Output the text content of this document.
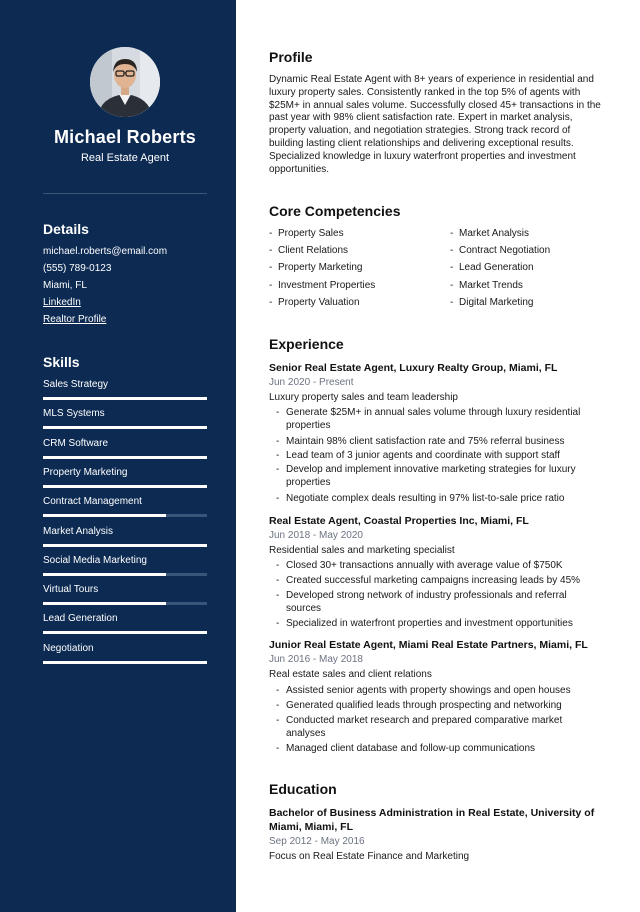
Michael Roberts
Real Estate Agent
Details
michael.roberts@email.com
(555) 789-0123
Miami, FL
LinkedIn
Realtor Profile
Skills
Sales Strategy
MLS Systems
CRM Software
Property Marketing
Contract Management
Market Analysis
Social Media Marketing
Virtual Tours
Lead Generation
Negotiation
Profile
Dynamic Real Estate Agent with 8+ years of experience in residential and luxury property sales. Consistently ranked in the top 5% of agents with $25M+ in annual sales volume. Successfully closed 45+ transactions in the past year with 98% client satisfaction rate. Expert in market analysis, property valuation, and negotiation strategies. Strong track record of building lasting client relationships and delivering exceptional results. Specialized knowledge in luxury waterfront properties and investment opportunities.
Core Competencies
- Property Sales
- Client Relations
- Property Marketing
- Investment Properties
- Property Valuation
- Market Analysis
- Contract Negotiation
- Lead Generation
- Market Trends
- Digital Marketing
Experience
Senior Real Estate Agent, Luxury Realty Group, Miami, FL
Jun 2020 - Present
Luxury property sales and team leadership
- Generate $25M+ in annual sales volume through luxury residential properties
- Maintain 98% client satisfaction rate and 75% referral business
- Lead team of 3 junior agents and coordinate with support staff
- Develop and implement innovative marketing strategies for luxury properties
- Negotiate complex deals resulting in 97% list-to-sale price ratio
Real Estate Agent, Coastal Properties Inc, Miami, FL
Jun 2018 - May 2020
Residential sales and marketing specialist
- Closed 30+ transactions annually with average value of $750K
- Created successful marketing campaigns increasing leads by 45%
- Developed strong network of industry professionals and referral sources
- Specialized in waterfront properties and investment opportunities
Junior Real Estate Agent, Miami Real Estate Partners, Miami, FL
Jun 2016 - May 2018
Real estate sales and client relations
- Assisted senior agents with property showings and open houses
- Generated qualified leads through prospecting and networking
- Conducted market research and prepared comparative market analyses
- Managed client database and follow-up communications
Education
Bachelor of Business Administration in Real Estate, University of Miami, Miami, FL
Sep 2012 - May 2016
Focus on Real Estate Finance and Marketing
